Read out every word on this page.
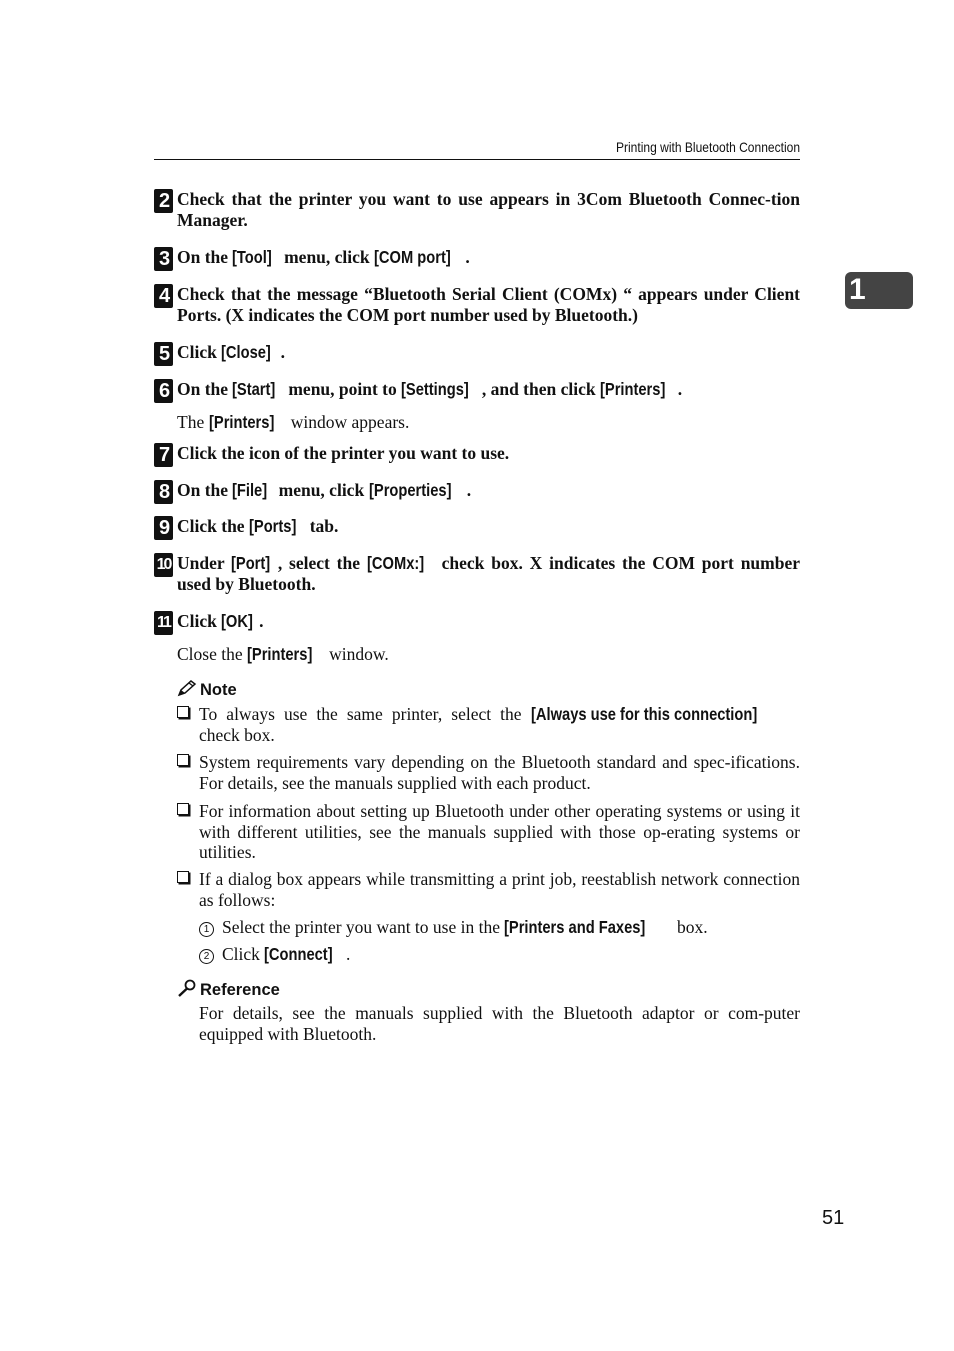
Printing with Bluetooth Connection
1
2 Check that the printer you want to use appears in 3Com Bluetooth Connec-tion Manager.
3 On the [Tool] menu, click [COM port] .
4 Check that the message “Bluetooth Serial Client (COMx) “ appears under Client Ports. (X indicates the COM port number used by Bluetooth.)
5 Click [Close] .
6 On the [Start] menu, point to [Settings] , and then click [Printers] .
The [Printers] window appears.
7 Click the icon of the printer you want to use.
8 On the [File] menu, click [Properties] .
9 Click the [Ports] tab.
10 Under [Port] , select the [COMx:] check box. X indicates the COM port number used by Bluetooth.
11 Click [OK] .
Close the [Printers] window.
Note
To always use the same printer, select the [Always use for this connection] check box.
System requirements vary depending on the Bluetooth standard and spec-ifications. For details, see the manuals supplied with each product.
For information about setting up Bluetooth under other operating systems or using it with different utilities, see the manuals supplied with those op-erating systems or utilities.
If a dialog box appears while transmitting a print job, reestablish network connection as follows:
1 Select the printer you want to use in the [Printers and Faxes] box.
2 Click [Connect] .
Reference
For details, see the manuals supplied with the Bluetooth adaptor or com-puter equipped with Bluetooth.
51
